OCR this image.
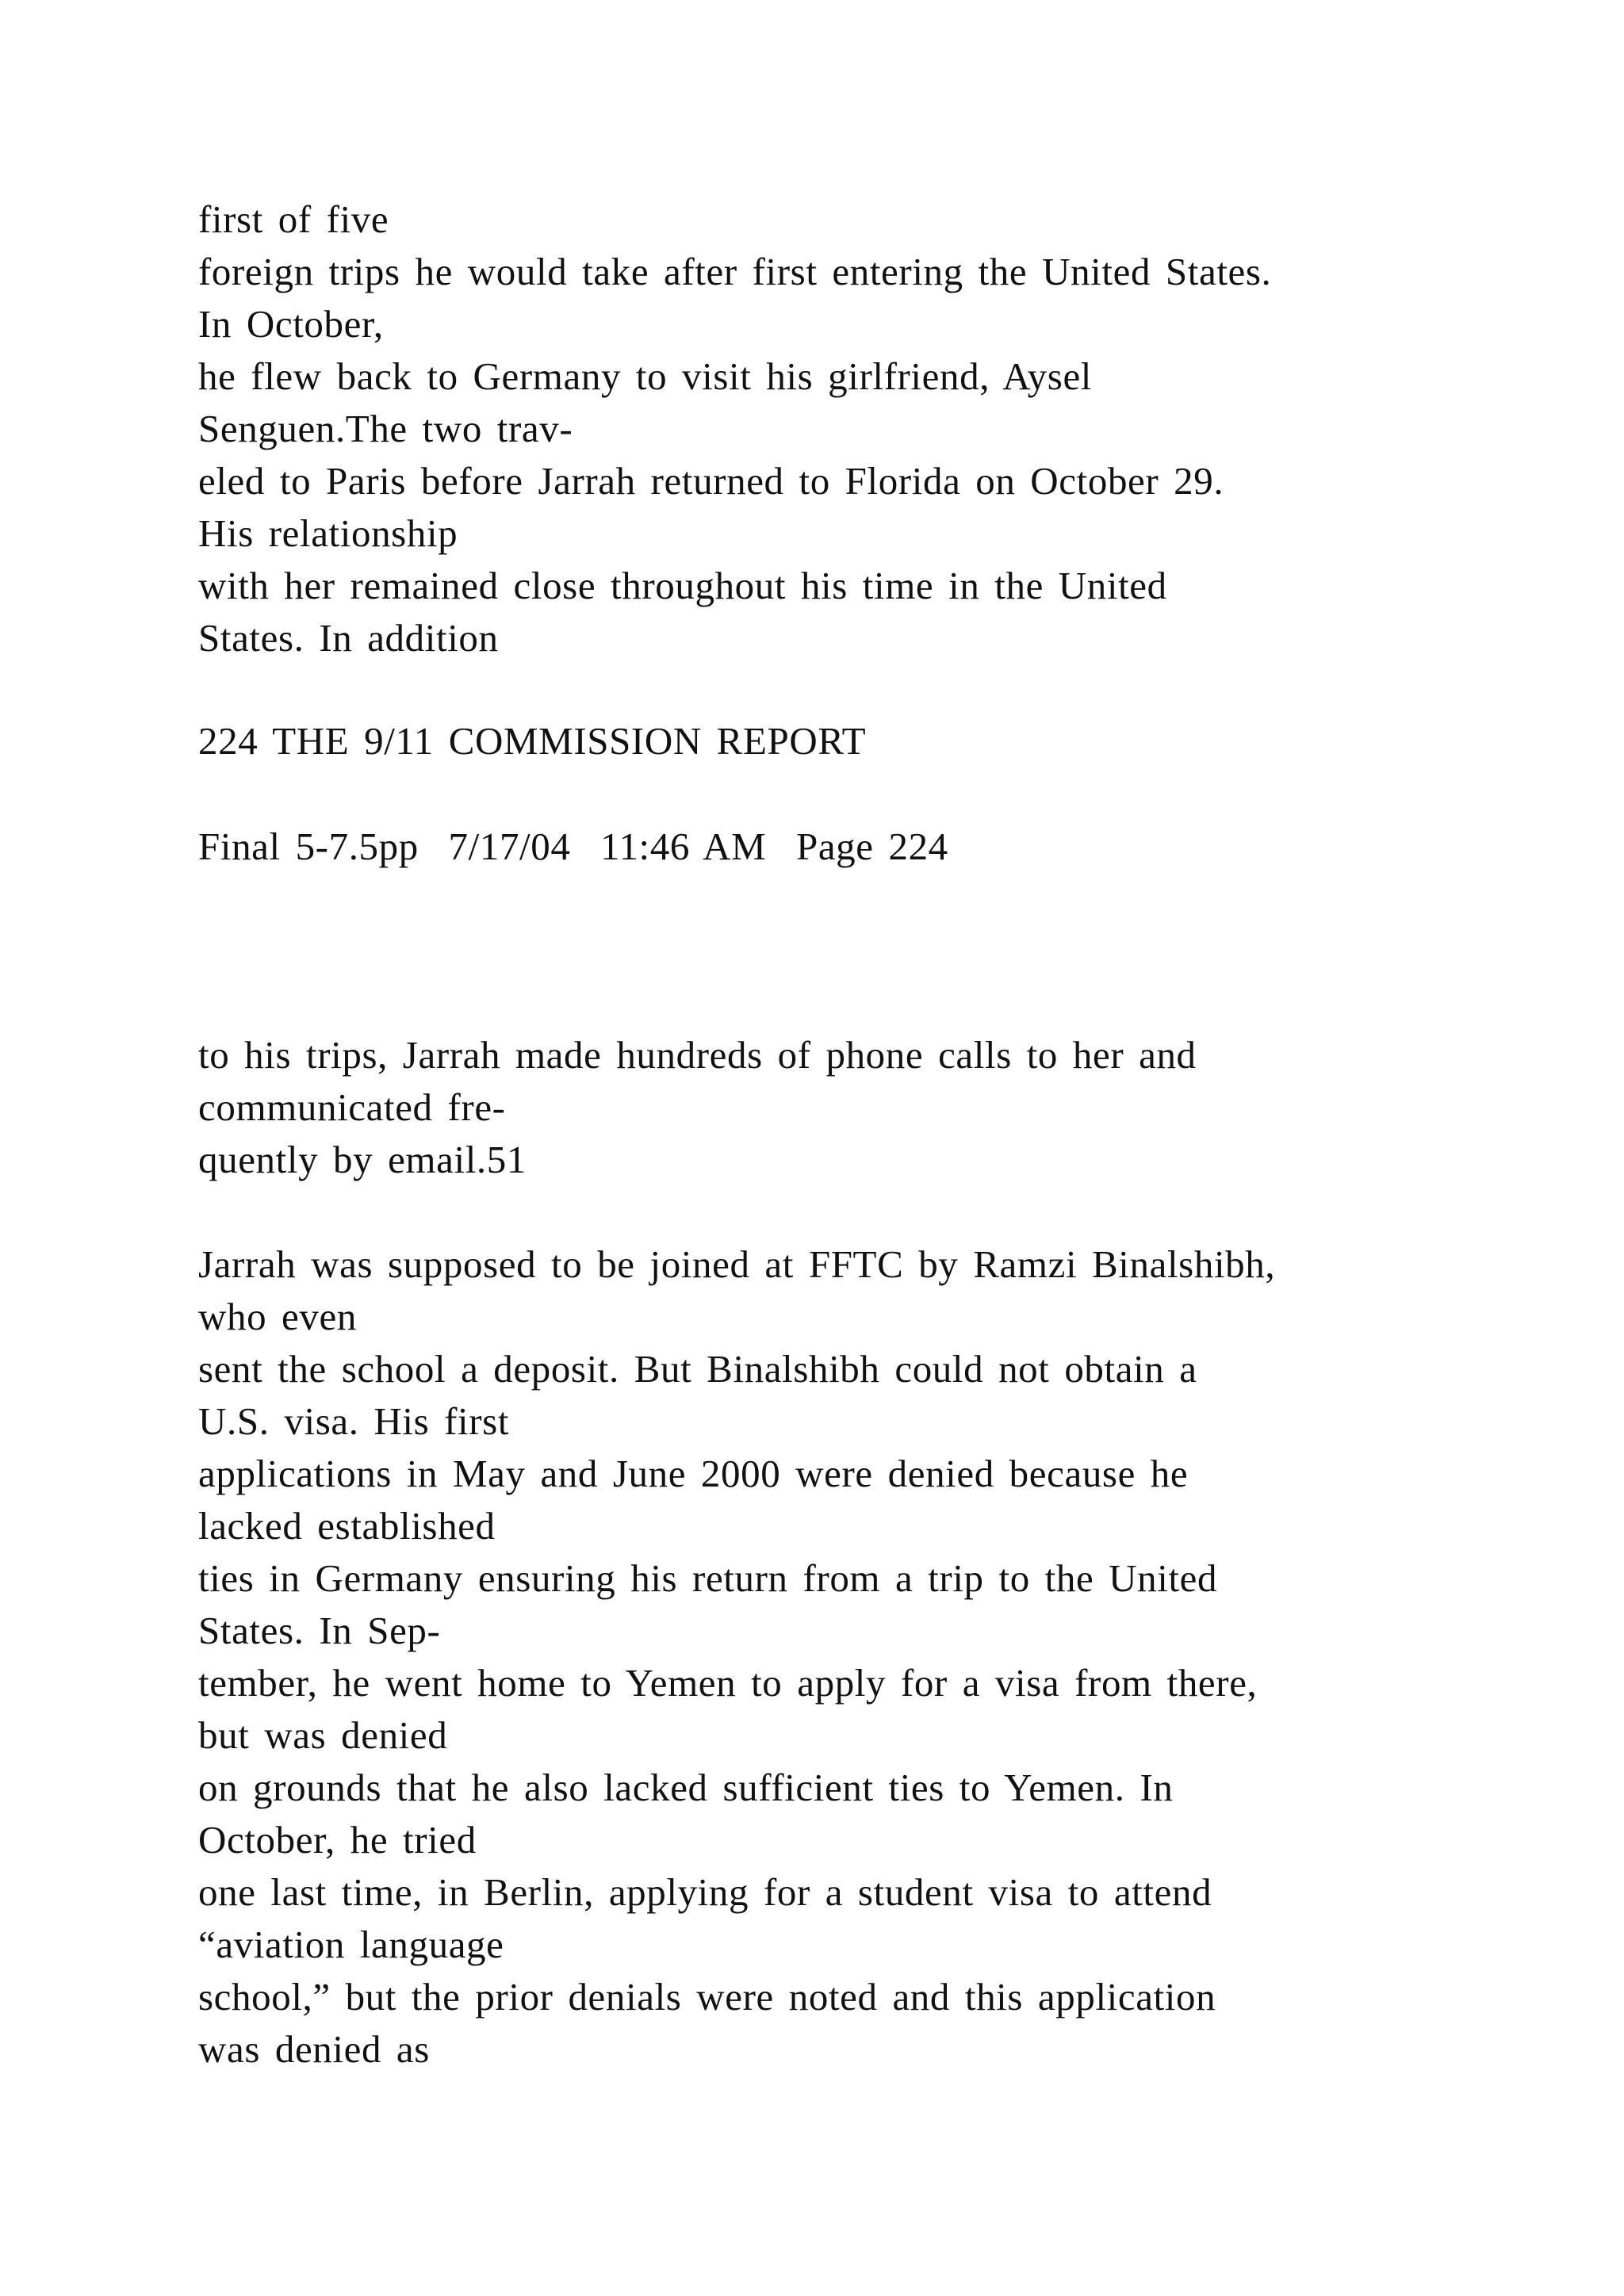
first of five
foreign trips he would take after first entering the United States.
In October,
he flew back to Germany to visit his girlfriend, Aysel
Senguen.The two trav-
eled to Paris before Jarrah returned to Florida on October 29.
His relationship
with her remained close throughout his time in the United
States. In addition
224 THE 9/11 COMMISSION REPORT
Final 5-7.5pp  7/17/04  11:46 AM  Page 224
to his trips, Jarrah made hundreds of phone calls to her and
communicated fre-
quently by email.51
Jarrah was supposed to be joined at FFTC by Ramzi Binalshibh,
who even
sent the school a deposit. But Binalshibh could not obtain a
U.S. visa. His first
applications in May and June 2000 were denied because he
lacked established
ties in Germany ensuring his return from a trip to the United
States. In Sep-
tember, he went home to Yemen to apply for a visa from there,
but was denied
on grounds that he also lacked sufficient ties to Yemen. In
October, he tried
one last time, in Berlin, applying for a student visa to attend
“aviation language
school,” but the prior denials were noted and this application
was denied as
